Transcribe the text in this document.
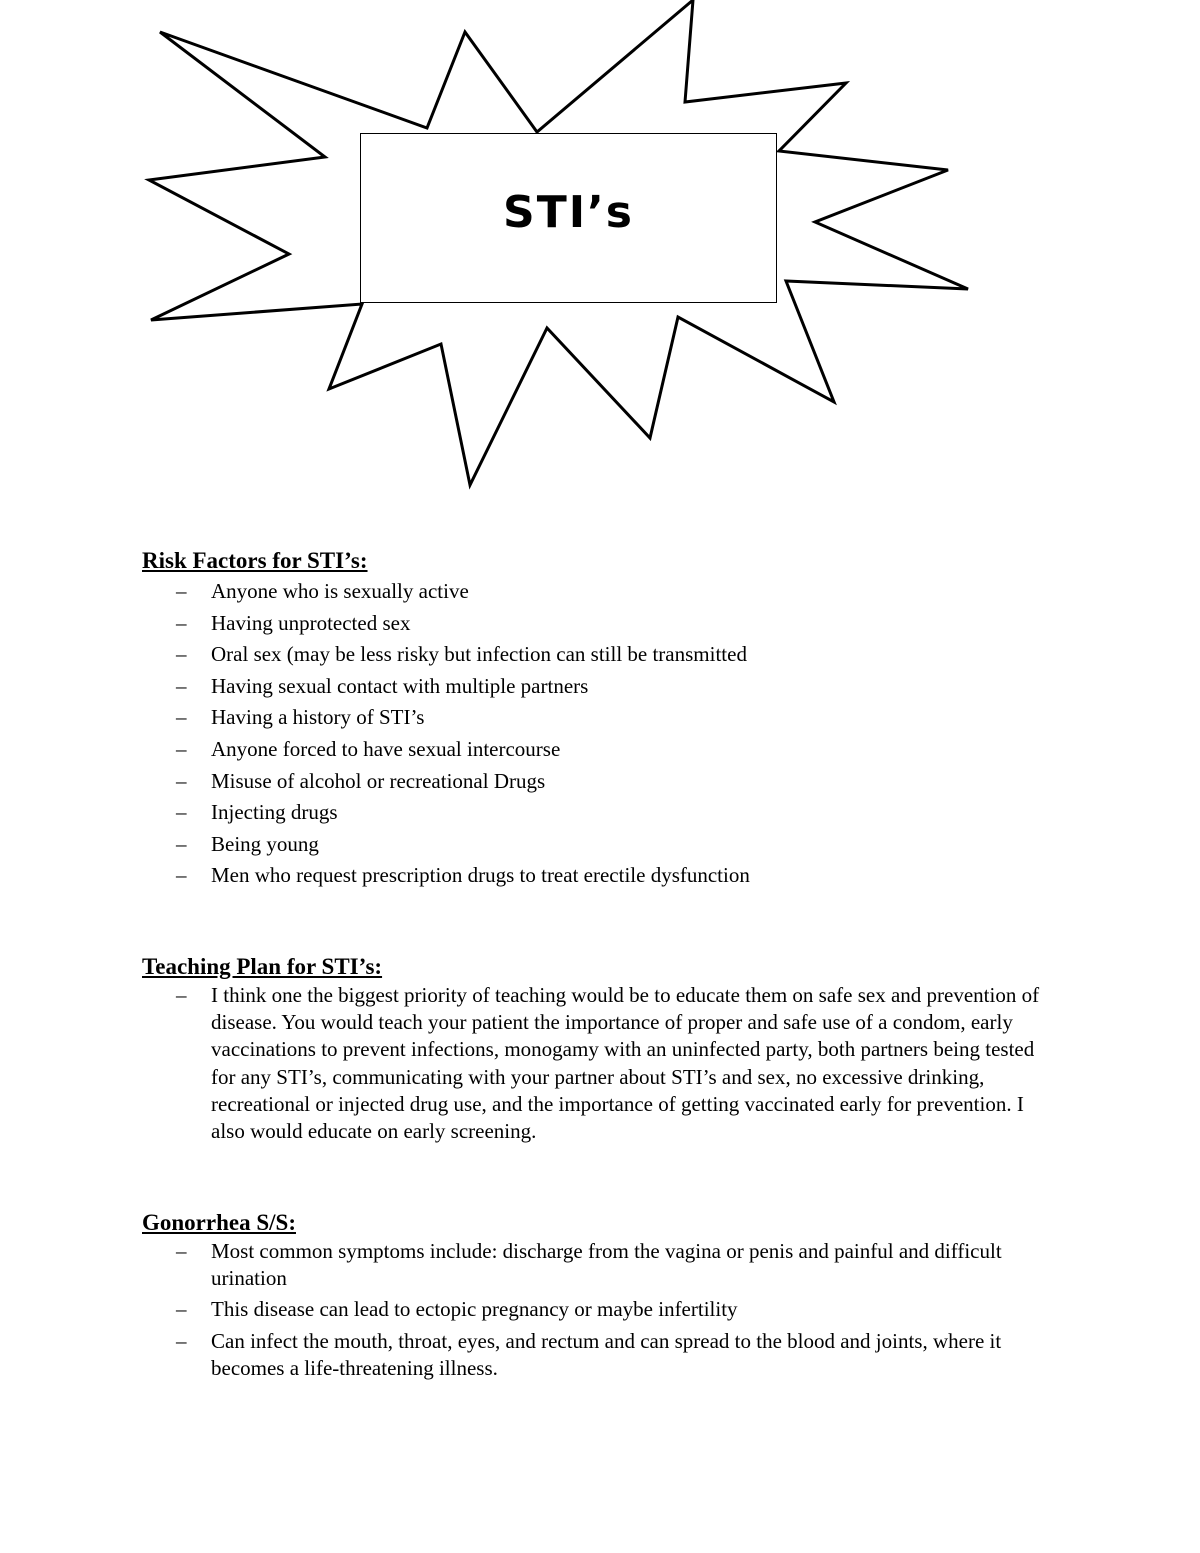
STI’s
Risk Factors for STI’s:
– Anyone who is sexually active
– Having unprotected sex
– Oral sex (may be less risky but infection can still be transmitted
– Having sexual contact with multiple partners
– Having a history of STI’s
– Anyone forced to have sexual intercourse
– Misuse of alcohol or recreational Drugs
– Injecting drugs
– Being young
– Men who request prescription drugs to treat erectile dysfunction
Teaching Plan for STI’s:
– I think one the biggest priority of teaching would be to educate them on safe sex and prevention of disease. You would teach your patient the importance of proper and safe use of a condom, early vaccinations to prevent infections, monogamy with an uninfected party, both partners being tested for any STI’s, communicating with your partner about STI’s and sex, no excessive drinking, recreational or injected drug use, and the importance of getting vaccinated early for prevention. I also would educate on early screening.
Gonorrhea S/S:
– Most common symptoms include: discharge from the vagina or penis and painful and difficult urination
– This disease can lead to ectopic pregnancy or maybe infertility
– Can infect the mouth, throat, eyes, and rectum and can spread to the blood and joints, where it becomes a life-threatening illness.
